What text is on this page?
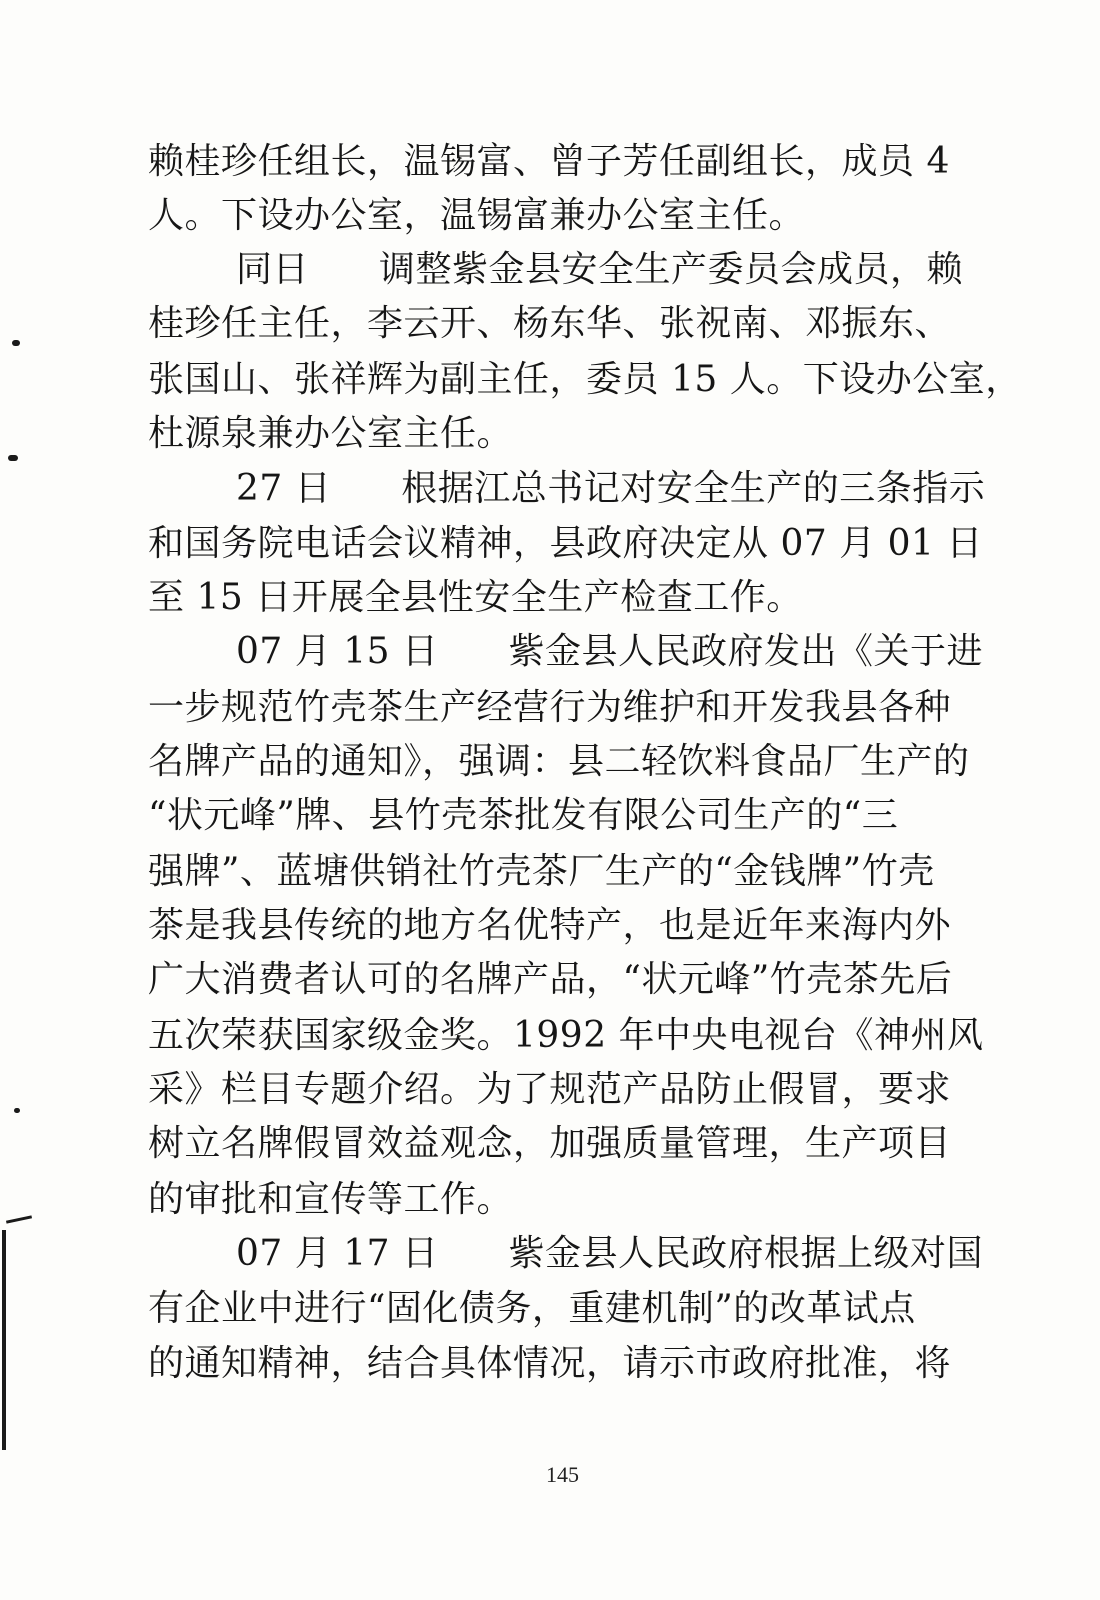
赖桂珍任组长，温锡富、曾子芳任副组长，成员 4
人。下设办公室，温锡富兼办公室主任。
同日 调整紫金县安全生产委员会成员，赖
桂珍任主任，李云开、杨东华、张祝南、邓振东、
张国山、张祥辉为副主任，委员 15 人。下设办公室，
杜源泉兼办公室主任。
27 日 根据江总书记对安全生产的三条指示
和国务院电话会议精神，县政府决定从 07 月 01 日
至 15 日开展全县性安全生产检查工作。
07 月 15 日 紫金县人民政府发出《关于进
一步规范竹壳茶生产经营行为维护和开发我县各种
名牌产品的通知》，强调：县二轻饮料食品厂生产的
“状元峰”牌、县竹壳茶批发有限公司生产的“三
强牌”、蓝塘供销社竹壳茶厂生产的“金钱牌”竹壳
茶是我县传统的地方名优特产，也是近年来海内外
广大消费者认可的名牌产品，“状元峰”竹壳茶先后
五次荣获国家级金奖。1992 年中央电视台《神州风
采》栏目专题介绍。为了规范产品防止假冒，要求
树立名牌假冒效益观念，加强质量管理，生产项目
的审批和宣传等工作。
07 月 17 日 紫金县人民政府根据上级对国
有企业中进行“固化债务，重建机制”的改革试点
的通知精神，结合具体情况，请示市政府批准，将
145
